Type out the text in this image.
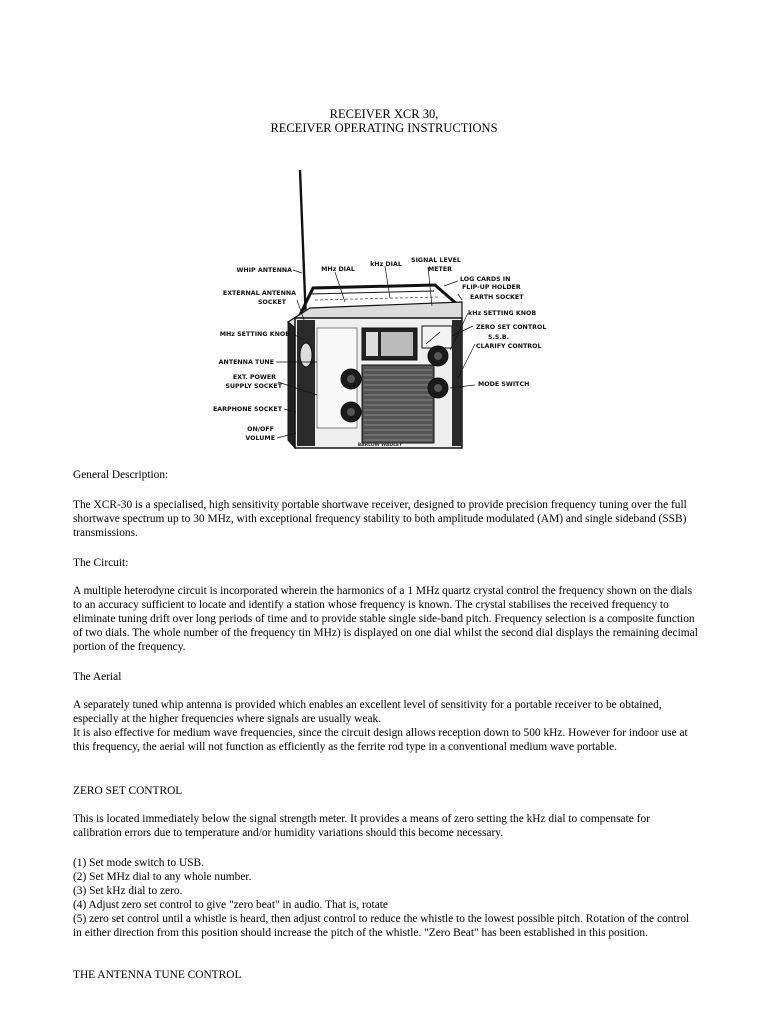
RECEIVER XCR 30,
RECEIVER OPERATING INSTRUCTIONS
BARLOW WADLEY
WHIP ANTENNA
EXTERNAL ANTENNA
SOCKET
MHz SETTING KNOB
ANTENNA TUNE
EXT. POWER
SUPPLY SOCKET
EARPHONE SOCKET
ON/OFF
VOLUME
MHz DIAL
kHz DIAL
SIGNAL LEVEL
METER
LOG CARDS IN
FLIP-UP HOLDER
EARTH SOCKET
kHz SETTING KNOB
ZERO SET CONTROL
S.S.B.
CLARIFY CONTROL
MODE SWITCH
General Description:
The XCR-30 is a specialised, high sensitivity portable shortwave receiver, designed to provide precision frequency tuning over the full shortwave spectrum up to 30 MHz, with exceptional frequency stability to both amplitude modulated (AM) and single sideband (SSB) transmissions.
The Circuit:
A multiple heterodyne circuit is incorporated wherein the harmonics of a 1 MHz quartz crystal control the frequency shown on the dials to an accuracy sufficient to locate and identify a station whose frequency is known. The crystal stabilises the received frequency to eliminate tuning drift over long periods of time and to provide stable single side-band pitch. Frequency selection is a composite function of two dials. The whole number of the frequency tin MHz) is displayed on one dial whilst the second dial displays the remaining decimal portion of the frequency.
The Aerial

A separately tuned whip antenna is provided which enables an excellent level of sensitivity for a portable receiver to be obtained, especially at the higher frequencies where signals are usually weak.

It is also effective for medium wave frequencies, since the circuit design allows reception down to 500 kHz. However for indoor use at this frequency, the aerial will not function as efficiently as the ferrite rod type in a conventional medium wave portable.

ZERO SET CONTROL
This is located immediately below the signal strength meter. It provides a means of zero setting the kHz dial to compensate for calibration errors due to temperature and/or humidity variations should this become necessary.

(1) Set mode switch to USB.

(2) Set MHz dial to any whole number.

(3) Set kHz dial to zero.

(4) Adjust zero set control to give "zero beat" in audio. That is, rotate

(5) zero set control until a whistle is heard, then adjust control to reduce the whistle to the lowest possible pitch. Rotation of the control in either direction from this position should increase the pitch of the whistle. "Zero Beat" has been established in this position.

THE ANTENNA TUNE CONTROL
